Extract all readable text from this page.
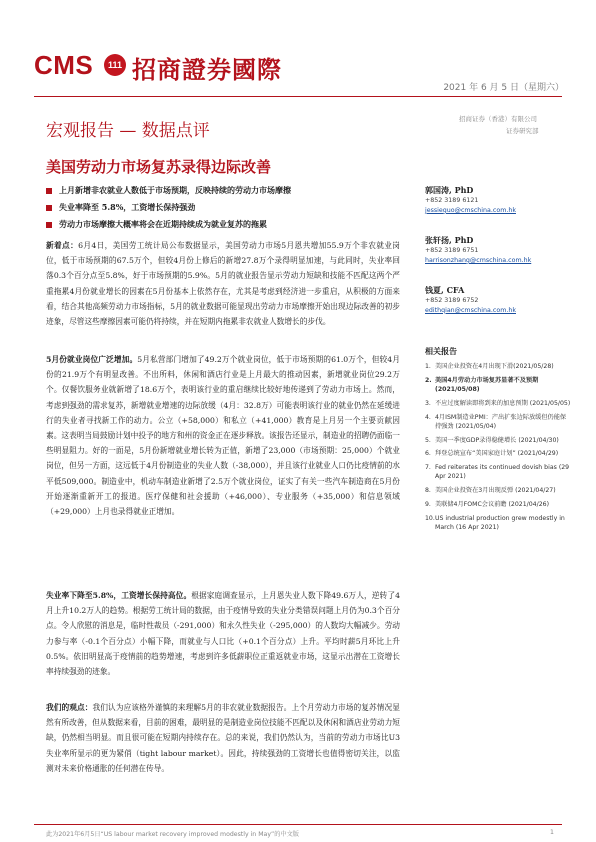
CMS	111 招商證券國際
2021 年 6 月 5 日（星期六）
宏观报告 — 数据点评
招商证券（香港）有限公司
证券研究部
美国劳动力市场复苏录得边际改善
上月新增非农就业人数低于市场预期，反映持续的劳动力市场摩擦
失业率降至 5.8%，工资增长保持强劲
劳动力市场摩擦大概率将会在近期持续成为就业复苏的拖累
新着点：6月4日，美国劳工统计局公布数据显示，美国劳动力市场5月恩共增加55.9万个非农就业岗位，低于市场预期的67.5万个，但较4月份上修后的新增27.8万个录得明显加速，与此同时，失业率回落0.3个百分点至5.8%，好于市场预期的5.9%。5月的就业报告显示劳动力短缺和技能不匹配这两个严重拖累4月份就业增长的因素在5月份基本上依然存在，尤其是考虑到经济进一步重启，从积极的方面来看，结合其他高频劳动力市场指标，5月的就业数据可能显现出劳动力市场摩擦开始出现边际改善的初步迹象，尽管这些摩擦因素可能仍将持续，并在短期内拖累非农就业人数增长的步伐。
5月份就业岗位广泛增加。5月私营部门增加了49.2万个就业岗位，低于市场预期的61.0万个，但较4月份的21.9万个有明显改善。不出所料，休闲和酒店行业是上月最大的推动因素，新增就业岗位29.2万个。仅餐饮服务业就新增了18.6万个，表明该行业的重启继续比较好地传递到了劳动力市场上。然而，考虑到强劲的需求复苏，新增就业增速的边际放缓（4月：32.8万）可能表明该行业的就业仍然在延缓进行的失业者寻找新工作的动力。公立（+58,000）和私立（+41,000）教育是上月另一个主要贡献因素。这表明当局鼓励计划中投予的地方和州的资金正在逐步释放。该报告还显示，制造业的招聘仍面临一些明显阻力。好的一面是，5月份新增就业增长转为正值，新增了23,000（市场预期：25,000）个就业岗位，但另一方面，这远低于4月份制造业的失业人数（-38,000），并且该行业就业人口仍比疫情前的水平低509,000。制造业中，机动车制造业新增了2.5万个就业岗位，证实了有关一些汽车制造商在5月份开始逐渐重新开工的报道。医疗保健和社会援助（+46,000）、专业服务（+35,000）和信息领域（+29,000）上月也录得就业正增加。
失业率下降至5.8%，工资增长保持高位。根据家庭调查显示，上月恩失业人数下降49.6万人，逆转了4月上升10.2万人的趋势。根据劳工统计局的数据，由于疫情导致的失业分类错误问题上月仍为0.3个百分点。令人欣慰的消息是，临时性裁员（-291,000）和永久性失业（-295,000）的人数均大幅减少。劳动力参与率（-0.1个百分点）小幅下降，而就业与人口比（+0.1个百分点）上升。平均时薪5月环比上升0.5%。依旧明显高于疫情前的趋势增速，考虑到许多低薪职位正重返就业市场，这显示出潜在工资增长率持续强劲的迹象。
我们的观点：我们认为应该格外谨慎的来理解5月的非农就业数据报告。上个月劳动力市场的复苏情况显然有所改善，但从数据来看，目前的困难，最明显的是制造业岗位技能不匹配以及休闲和酒店业劳动力短缺，仍然相当明显。而且很可能在短期内持续存在。总的来说，我们仍然认为，当前的劳动力市场比U3失业率所显示的更为紧俏（tight labour market）。因此，持续强劲的工资增长也值得密切关注，以监测对未来价格通胀的任何潜在传导。
郭国涛, PhD
+852 3189 6121
jessieguo@cmschina.com.hk
张轩扬, PhD
+852 3189 6751
harrisonzhang@cmschina.com.hk
钱夏, CFA
+852 3189 6752
edithqian@cmschina.com.hk
相关报告
1. 美国企业投资在4月出现下滑(2021/05/28)
2. 美国4月劳动力市场复苏显著不及预期 (2021/05/08)
3. 不应过度解读即将到来的加息预期 (2021/05/05)
4. 4月ISM制造业PMI：产出扩张边际放缓但仍能保持强劲 (2021/05/04)
5. 美国一季度GDP录得稳健增长 (2021/04/30)
6. 拜登总统宣布“美国家庭计划” (2021/04/29)
7. Fed reiterates its continued dovish bias (29 Apr 2021)
8. 美国企业投资在3月出现反弹 (2021/04/27)
9. 美联储4月FOMC会议前瞻 (2021/04/26)
10. US industrial production grew modestly in March (16 Apr 2021)
此为2021年6月5日“US labour market recovery improved modestly in May”的中文版	1
